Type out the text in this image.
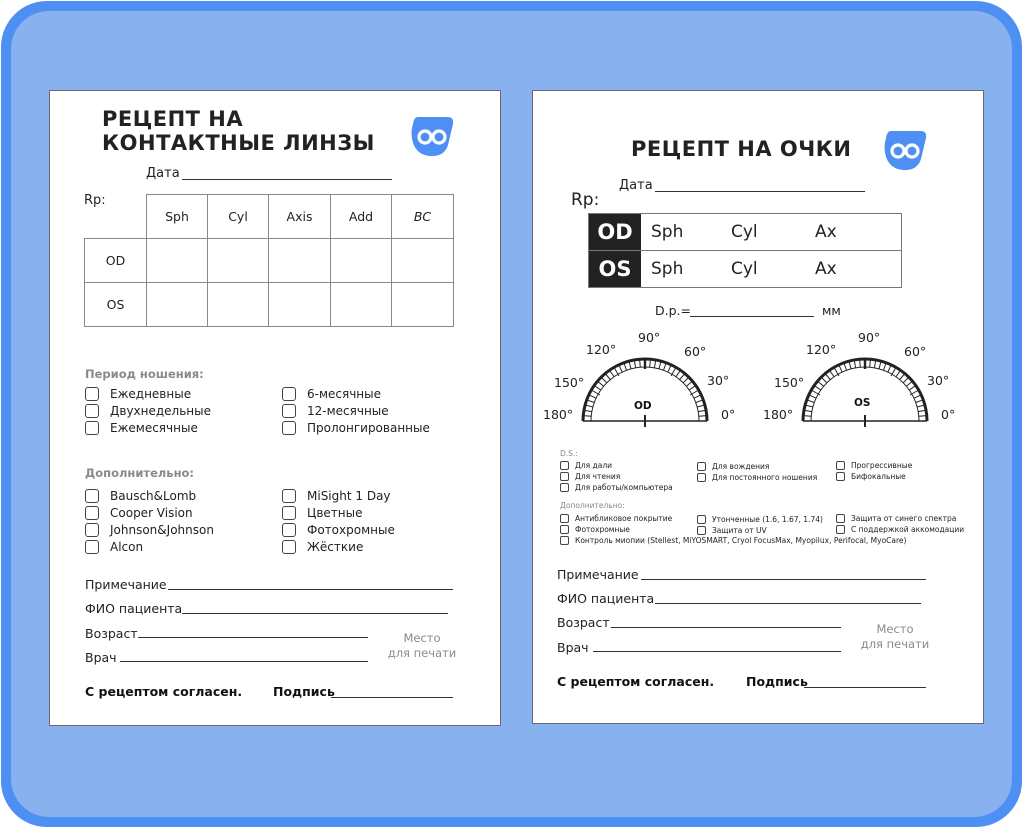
РЕЦЕПТ НА
КОНТАКТНЫЕ ЛИНЗЫ
Дата
Rp:
	Sph	Cyl	Axis	Add	BC
OD					
OS					
Период ношения:
Ежедневные
Двухнедельные
Ежемесячные
6-месячные
12-месячные
Пролонгированные
Дополнительно:
Bausch&Lomb
Cooper Vision
Johnson&Johnson
Alcon
MiSight 1 Day
Цветные
Фотохромные
Жёсткие
Примечание
ФИО пациента
Возраст
Врач
Место
для печати
С рецептом согласен. Подпись
РЕЦЕПТ НА ОЧКИ
Дата
Rp:
OD	Sph	Cyl	Ax
OS	Sph	Cyl	Ax
D.p.=	мм
OD
180°
150°
120°
90°
60°
30°
0°
OS
180°
150°
120°
90°
60°
30°
0°
D.S.:
Для дали
Для чтения
Для работы/компьютера
Для вождения
Для постоянного ношения
Прогрессивные
Бифокальные
Дополнительно:
Антибликовое покрытие
Фотохромные
Утонченные (1.6, 1.67, 1.74)
Защита от UV
Защита от синего спектра
С поддержкой аккомодации
Контроль миопии (Stellest, MiYOSMART, Cryol FocusMax, Myopilux, Perifocal, MyoCare)
Примечание
ФИО пациента
Возраст
Врач
Место
для печати
С рецептом согласен.	Подпись
